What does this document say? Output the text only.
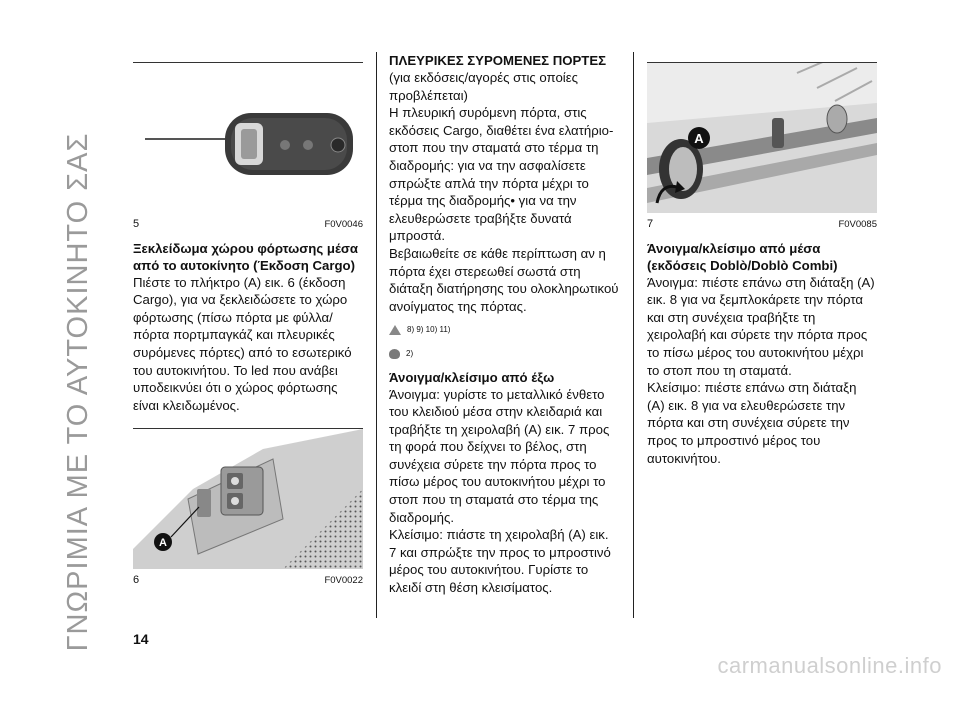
ΓΝΩΡΙΜΙΑ ΜΕ ΤΟ ΑΥΤΟΚΙΝΗΤΟ ΣΑΣ	5	F0V0046
Ξεκλείδωμα χώρου φόρτωσης μέσα από το αυτοκίνητο (Έκδοση Cargo)

Πιέστε το πλήκτρο (A) εικ. 6 (έκδοση Cargo), για να ξεκλειδώσετε το χώρο φόρτωσης (πίσω πόρτα με φύλλα/πόρτα πορτμπαγκάζ και πλευρικές συρόμενες πόρτες) από το εσωτερικό του αυτοκινήτου. Το led που ανάβει υποδεικνύει ότι ο χώρος φόρτωσης είναι κλειδωμένος.

A
6	F0V0022
ΠΛΕΥΡΙΚΕΣ ΣΥΡΟΜΕΝΕΣ ΠΟΡΤΕΣ

(για εκδόσεις/αγορές στις οποίες προβλέπεται)

Η πλευρική συρόμενη πόρτα, στις εκδόσεις Cargo, διαθέτει ένα ελατήριο-στοπ που την σταματά στο τέρμα τη διαδρομής: για να την ασφαλίσετε σπρώξτε απλά την πόρτα μέχρι το τέρμα της διαδρομής• για να την ελευθερώσετε τραβήξτε δυνατά μπροστά.

Βεβαιωθείτε σε κάθε περίπτωση αν η πόρτα έχει στερεωθεί σωστά στη διάταξη διατήρησης του ολοκληρωτικού ανοίγματος της πόρτας.

8) 9) 10) 11)
2)
Άνοιγμα/κλείσιμο από έξω

Άνοιγμα: γυρίστε το μεταλλικό ένθετο του κλειδιού μέσα στην κλειδαριά και τραβήξτε τη χειρολαβή (A) εικ. 7 προς τη φορά που δείχνει το βέλος, στη συνέχεια σύρετε την πόρτα προς το πίσω μέρος του αυτοκινήτου μέχρι το στοπ που τη σταματά στο τέρμα της διαδρομής.

Κλείσιμο: πιάστε τη χειρολαβή (A) εικ. 7 και σπρώξτε την προς το μπροστινό μέρος του αυτοκινήτου. Γυρίστε το κλειδί στη θέση κλεισίματος.

A
7	F0V0085
Άνοιγμα/κλείσιμο από μέσα (εκδόσεις Doblò/Doblò Combi)

Άνοιγμα: πιέστε επάνω στη διάταξη (A) εικ. 8 για να ξεμπλοκάρετε την πόρτα και στη συνέχεια τραβήξτε τη χειρολαβή και σύρετε την πόρτα προς το πίσω μέρος του αυτοκινήτου μέχρι το στοπ που τη σταματά.

Κλείσιμο: πιέστε επάνω στη διάταξη (A) εικ. 8 για να ελευθερώσετε την πόρτα και στη συνέχεια σύρετε την προς το μπροστινό μέρος του αυτοκινήτου.

14
carmanualsonline.info
